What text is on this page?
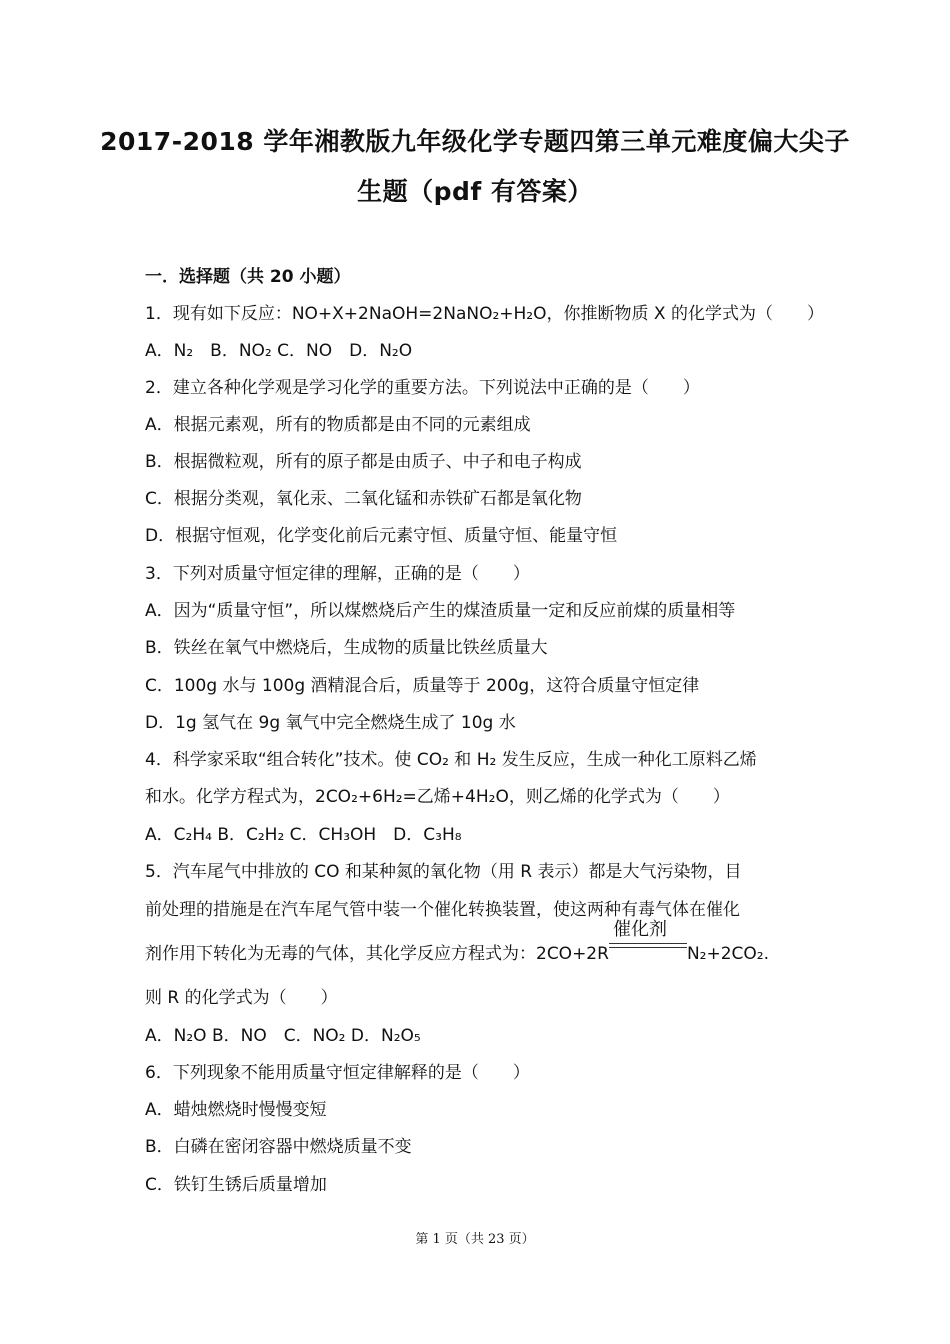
2017-2018 学年湘教版九年级化学专题四第三单元难度偏大尖子
生题（pdf 有答案）
一．选择题（共 20 小题）
1．现有如下反应：NO+X+2NaOH=2NaNO₂+H₂O，你推断物质 X 的化学式为（　　）
A．N₂　B．NO₂ C．NO　D．N₂O
2．建立各种化学观是学习化学的重要方法。下列说法中正确的是（　　）
A．根据元素观，所有的物质都是由不同的元素组成
B．根据微粒观，所有的原子都是由质子、中子和电子构成
C．根据分类观，氧化汞、二氧化锰和赤铁矿石都是氧化物
D．根据守恒观，化学变化前后元素守恒、质量守恒、能量守恒
3．下列对质量守恒定律的理解，正确的是（　　）
A．因为“质量守恒”，所以煤燃烧后产生的煤渣质量一定和反应前煤的质量相等
B．铁丝在氧气中燃烧后，生成物的质量比铁丝质量大
C．100g 水与 100g 酒精混合后，质量等于 200g，这符合质量守恒定律
D．1g 氢气在 9g 氧气中完全燃烧生成了 10g 水
4．科学家采取“组合转化”技术。使 CO₂ 和 H₂ 发生反应，生成一种化工原料乙烯
和水。化学方程式为，2CO₂+6H₂=乙烯+4H₂O，则乙烯的化学式为（　　）
A．C₂H₄ B．C₂H₂ C．CH₃OH　D．C₃H₈
5．汽车尾气中排放的 CO 和某种氮的氧化物（用 R 表示）都是大气污染物，目
前处理的措施是在汽车尾气管中装一个催化转换装置，使这两种有毒气体在催化
剂作用下转化为无毒的气体，其化学反应方程式为：2CO+2R
催化剂
N₂+2CO₂.
则 R 的化学式为（　　）
A．N₂O B．NO　C．NO₂ D．N₂O₅
6．下列现象不能用质量守恒定律解释的是（　　）
A．蜡烛燃烧时慢慢变短
B．白磷在密闭容器中燃烧质量不变
C．铁钉生锈后质量增加
第 1 页（共 23 页）
